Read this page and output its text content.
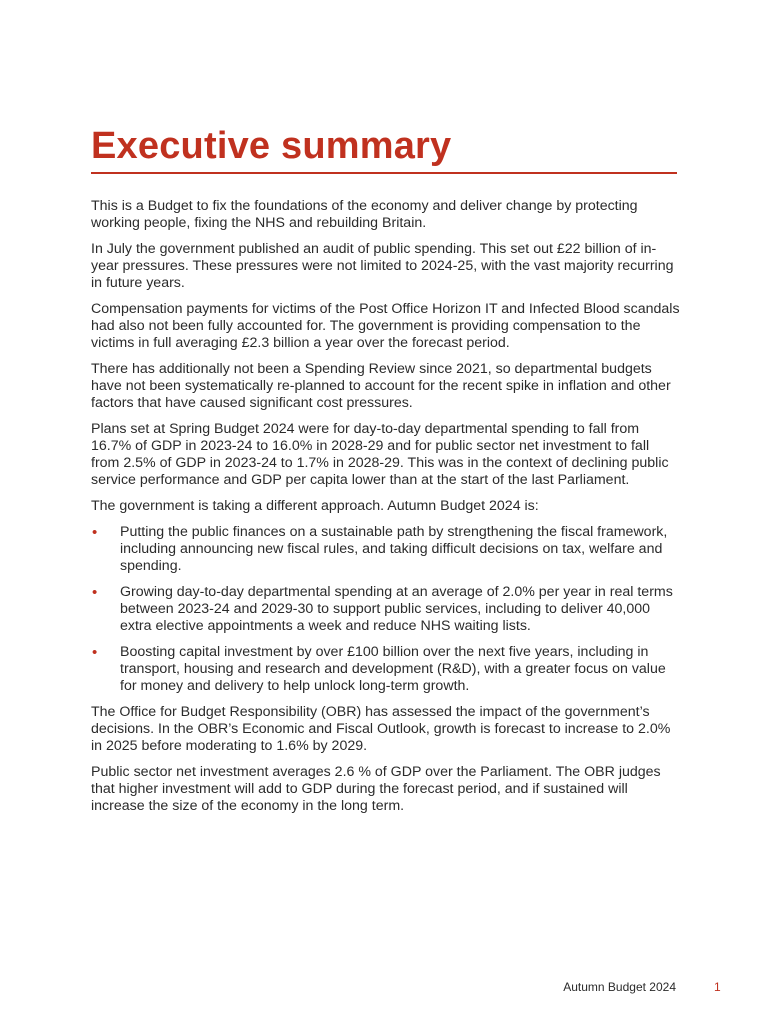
Executive summary

This is a Budget to fix the foundations of the economy and deliver change by protecting working people, fixing the NHS and rebuilding Britain.

In July the government published an audit of public spending. This set out £22 billion of in-year pressures. These pressures were not limited to 2024-25, with the vast majority recurring in future years.

Compensation payments for victims of the Post Office Horizon IT and Infected Blood scandals had also not been fully accounted for. The government is providing compensation to the victims in full averaging £2.3 billion a year over the forecast period.

There has additionally not been a Spending Review since 2021, so departmental budgets have not been systematically re-planned to account for the recent spike in inflation and other factors that have caused significant cost pressures.

Plans set at Spring Budget 2024 were for day-to-day departmental spending to fall from 16.7% of GDP in 2023-24 to 16.0% in 2028-29 and for public sector net investment to fall from 2.5% of GDP in 2023-24 to 1.7% in 2028-29. This was in the context of declining public service performance and GDP per capita lower than at the start of the last Parliament.

The government is taking a different approach. Autumn Budget 2024 is:

• Putting the public finances on a sustainable path by strengthening the fiscal framework, including announcing new fiscal rules, and taking difficult decisions on tax, welfare and spending.
• Growing day-to-day departmental spending at an average of 2.0% per year in real terms between 2023-24 and 2029-30 to support public services, including to deliver 40,000 extra elective appointments a week and reduce NHS waiting lists.
• Boosting capital investment by over £100 billion over the next five years, including in transport, housing and research and development (R&D), with a greater focus on value for money and delivery to help unlock long-term growth.

The Office for Budget Responsibility (OBR) has assessed the impact of the government’s decisions. In the OBR’s Economic and Fiscal Outlook, growth is forecast to increase to 2.0% in 2025 before moderating to 1.6% by 2029.

Public sector net investment averages 2.6 % of GDP over the Parliament. The OBR judges that higher investment will add to GDP during the forecast period, and if sustained will increase the size of the economy in the long term.

Autumn Budget 2024	1
